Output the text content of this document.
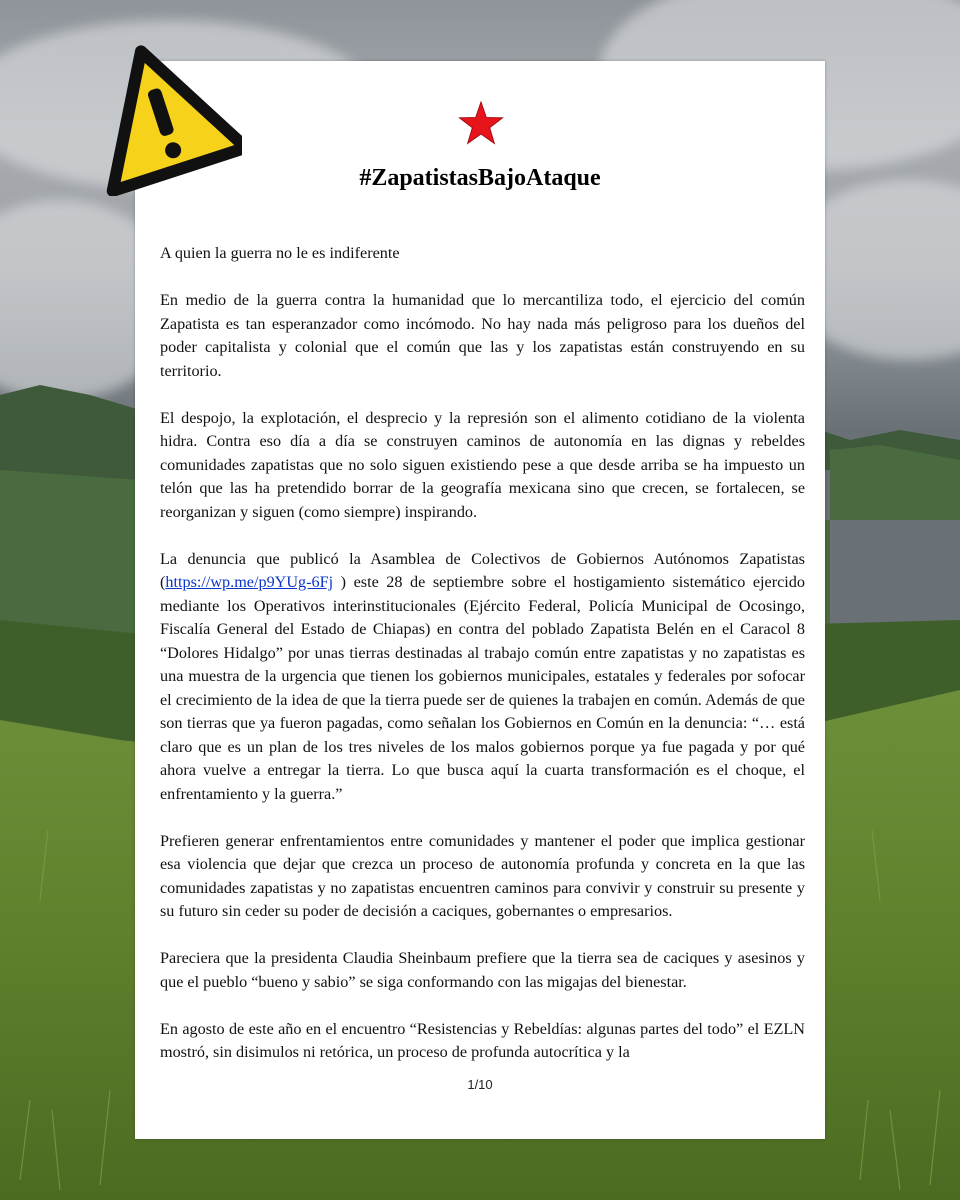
#ZapatistasBajoAtaque

A quien la guerra no le es indiferente

En medio de la guerra contra la humanidad que lo mercantiliza todo, el ejercicio del común Zapatista es tan esperanzador como incómodo. No hay nada más peligroso para los dueños del poder capitalista y colonial que el común que las y los zapatistas están construyendo en su territorio.

El despojo, la explotación, el desprecio y la represión son el alimento cotidiano de la violenta hidra. Contra eso día a día se construyen caminos de autonomía en las dignas y rebeldes comunidades zapatistas que no solo siguen existiendo pese a que desde arriba se ha impuesto un telón que las ha pretendido borrar de la geografía mexicana sino que crecen, se fortalecen, se reorganizan y siguen (como siempre) inspirando.

La denuncia que publicó la Asamblea de Colectivos de Gobiernos Autónomos Zapatistas (https://wp.me/p9YUg-6Fj ) este 28 de septiembre sobre el hostigamiento sistemático ejercido mediante los Operativos interinstitucionales (Ejército Federal, Policía Municipal de Ocosingo, Fiscalía General del Estado de Chiapas) en contra del poblado Zapatista Belén en el Caracol 8 “Dolores Hidalgo” por unas tierras destinadas al trabajo común entre zapatistas y no zapatistas es una muestra de la urgencia que tienen los gobiernos municipales, estatales y federales por sofocar el crecimiento de la idea de que la tierra puede ser de quienes la trabajen en común. Además de que son tierras que ya fueron pagadas, como señalan los Gobiernos en Común en la denuncia: “… está claro que es un plan de los tres niveles de los malos gobiernos porque ya fue pagada y por qué ahora vuelve a entregar la tierra. Lo que busca aquí la cuarta transformación es el choque, el enfrentamiento y la guerra.”

Prefieren generar enfrentamientos entre comunidades y mantener el poder que implica gestionar esa violencia que dejar que crezca un proceso de autonomía profunda y concreta en la que las comunidades zapatistas y no zapatistas encuentren caminos para convivir y construir su presente y su futuro sin ceder su poder de decisión a caciques, gobernantes o empresarios.

Pareciera que la presidenta Claudia Sheinbaum prefiere que la tierra sea de caciques y asesinos y que el pueblo “bueno y sabio” se siga conformando con las migajas del bienestar.

En agosto de este año en el encuentro “Resistencias y Rebeldías: algunas partes del todo” el EZLN mostró, sin disimulos ni retórica, un proceso de profunda autocrítica y la

1/10
